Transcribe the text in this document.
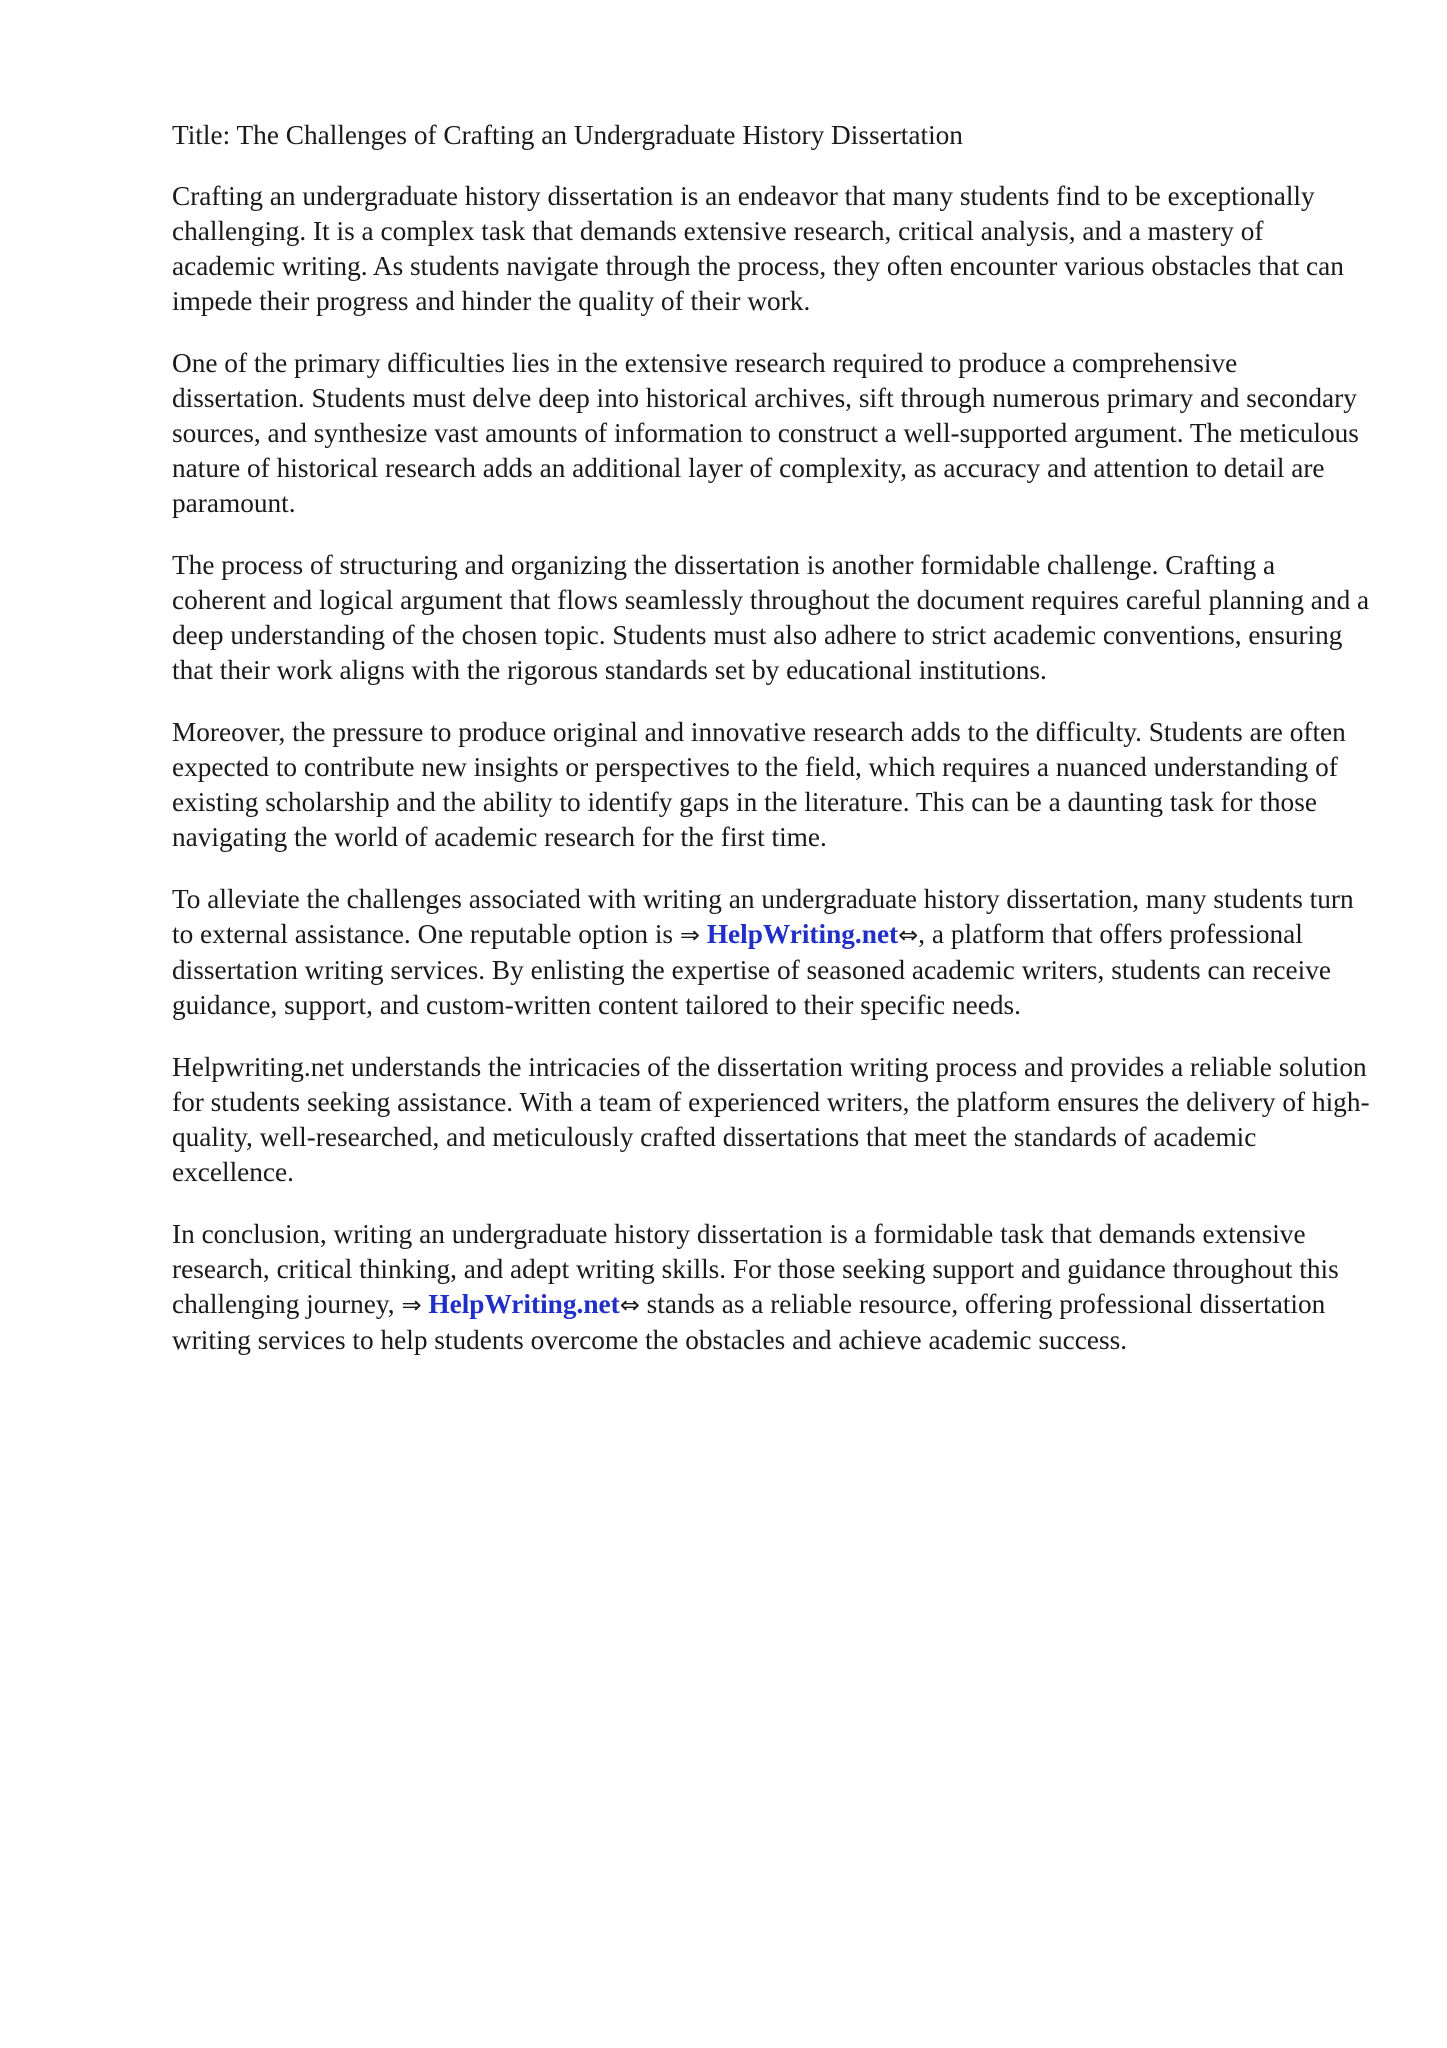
Title: The Challenges of Crafting an Undergraduate History Dissertation

Crafting an undergraduate history dissertation is an endeavor that many students find to be exceptionally challenging. It is a complex task that demands extensive research, critical analysis, and a mastery of academic writing. As students navigate through the process, they often encounter various obstacles that can impede their progress and hinder the quality of their work.

One of the primary difficulties lies in the extensive research required to produce a comprehensive dissertation. Students must delve deep into historical archives, sift through numerous primary and secondary sources, and synthesize vast amounts of information to construct a well-supported argument. The meticulous nature of historical research adds an additional layer of complexity, as accuracy and attention to detail are paramount.

The process of structuring and organizing the dissertation is another formidable challenge. Crafting a coherent and logical argument that flows seamlessly throughout the document requires careful planning and a deep understanding of the chosen topic. Students must also adhere to strict academic conventions, ensuring that their work aligns with the rigorous standards set by educational institutions.

Moreover, the pressure to produce original and innovative research adds to the difficulty. Students are often expected to contribute new insights or perspectives to the field, which requires a nuanced understanding of existing scholarship and the ability to identify gaps in the literature. This can be a daunting task for those navigating the world of academic research for the first time.

To alleviate the challenges associated with writing an undergraduate history dissertation, many students turn to external assistance. One reputable option is ⇒ HelpWriting.net⇔, a platform that offers professional dissertation writing services. By enlisting the expertise of seasoned academic writers, students can receive guidance, support, and custom-written content tailored to their specific needs.

Helpwriting.net understands the intricacies of the dissertation writing process and provides a reliable solution for students seeking assistance. With a team of experienced writers, the platform ensures the delivery of high-quality, well-researched, and meticulously crafted dissertations that meet the standards of academic excellence.

In conclusion, writing an undergraduate history dissertation is a formidable task that demands extensive research, critical thinking, and adept writing skills. For those seeking support and guidance throughout this challenging journey, ⇒ HelpWriting.net⇔ stands as a reliable resource, offering professional dissertation writing services to help students overcome the obstacles and achieve academic success.
